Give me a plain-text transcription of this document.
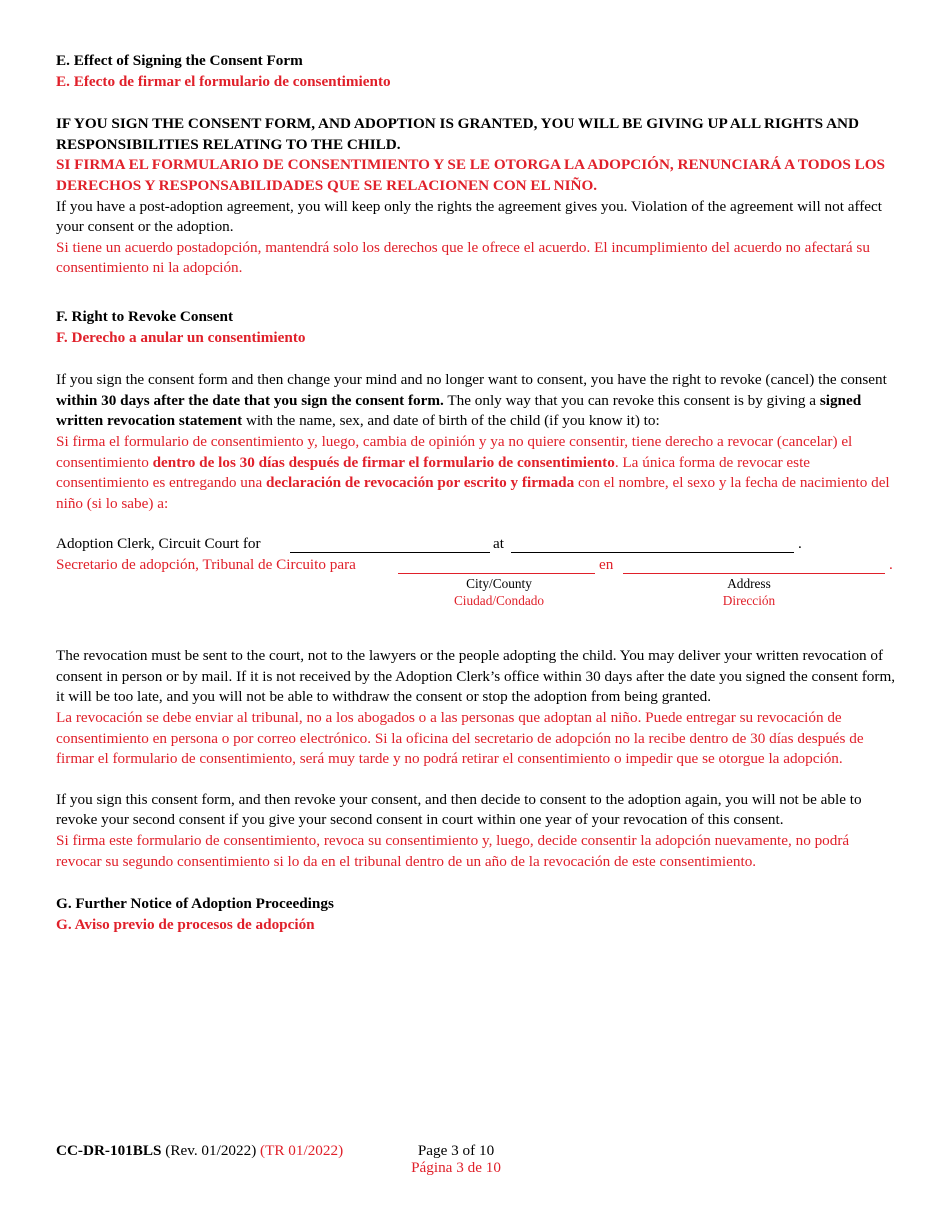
E. Effect of Signing the Consent Form

E. Efecto de firmar el formulario de consentimiento

IF YOU SIGN THE CONSENT FORM, AND ADOPTION IS GRANTED, YOU WILL BE GIVING UP ALL RIGHTS AND RESPONSIBILITIES RELATING TO THE CHILD.

SI FIRMA EL FORMULARIO DE CONSENTIMIENTO Y SE LE OTORGA LA ADOPCIÓN, RENUNCIARÁ A TODOS LOS DERECHOS Y RESPONSABILIDADES QUE SE RELACIONEN CON EL NIÑO.

If you have a post-adoption agreement, you will keep only the rights the agreement gives you. Violation of the agreement will not affect your consent or the adoption.

Si tiene un acuerdo postadopción, mantendrá solo los derechos que le ofrece el acuerdo. El incumplimiento del acuerdo no afectará su consentimiento ni la adopción.

F. Right to Revoke Consent

F. Derecho a anular un consentimiento

If you sign the consent form and then change your mind and no longer want to consent, you have the right to revoke (cancel) the consent within 30 days after the date that you sign the consent form. The only way that you can revoke this consent is by giving a signed written revocation statement with the name, sex, and date of birth of the child (if you know it) to:

Si firma el formulario de consentimiento y, luego, cambia de opinión y ya no quiere consentir, tiene derecho a revocar (cancelar) el consentimiento dentro de los 30 días después de firmar el formulario de consentimiento. La única forma de revocar este consentimiento es entregando una declaración de revocación por escrito y firmada con el nombre, el sexo y la fecha de nacimiento del niño (si lo sabe) a:

Adoption Clerk, Circuit Court for	at	.
Secretario de adopción, Tribunal de Circuito para	en	.
City/County
Ciudad/Condado
Address
Dirección

The revocation must be sent to the court, not to the lawyers or the people adopting the child. You may deliver your written revocation of consent in person or by mail. If it is not received by the Adoption Clerk’s office within 30 days after the date you signed the consent form, it will be too late, and you will not be able to withdraw the consent or stop the adoption from being granted.

La revocación se debe enviar al tribunal, no a los abogados o a las personas que adoptan al niño. Puede entregar su revocación de consentimiento en persona o por correo electrónico. Si la oficina del secretario de adopción no la recibe dentro de 30 días después de firmar el formulario de consentimiento, será muy tarde y no podrá retirar el consentimiento o impedir que se otorgue la adopción.

If you sign this consent form, and then revoke your consent, and then decide to consent to the adoption again, you will not be able to revoke your second consent if you give your second consent in court within one year of your revocation of this consent.

Si firma este formulario de consentimiento, revoca su consentimiento y, luego, decide consentir la adopción nuevamente, no podrá revocar su segundo consentimiento si lo da en el tribunal dentro de un año de la revocación de este consentimiento.

G. Further Notice of Adoption Proceedings

G. Aviso previo de procesos de adopción

CC-DR-101BLS (Rev. 01/2022) (TR 01/2022)	Page 3 of 10
Página 3 de 10
